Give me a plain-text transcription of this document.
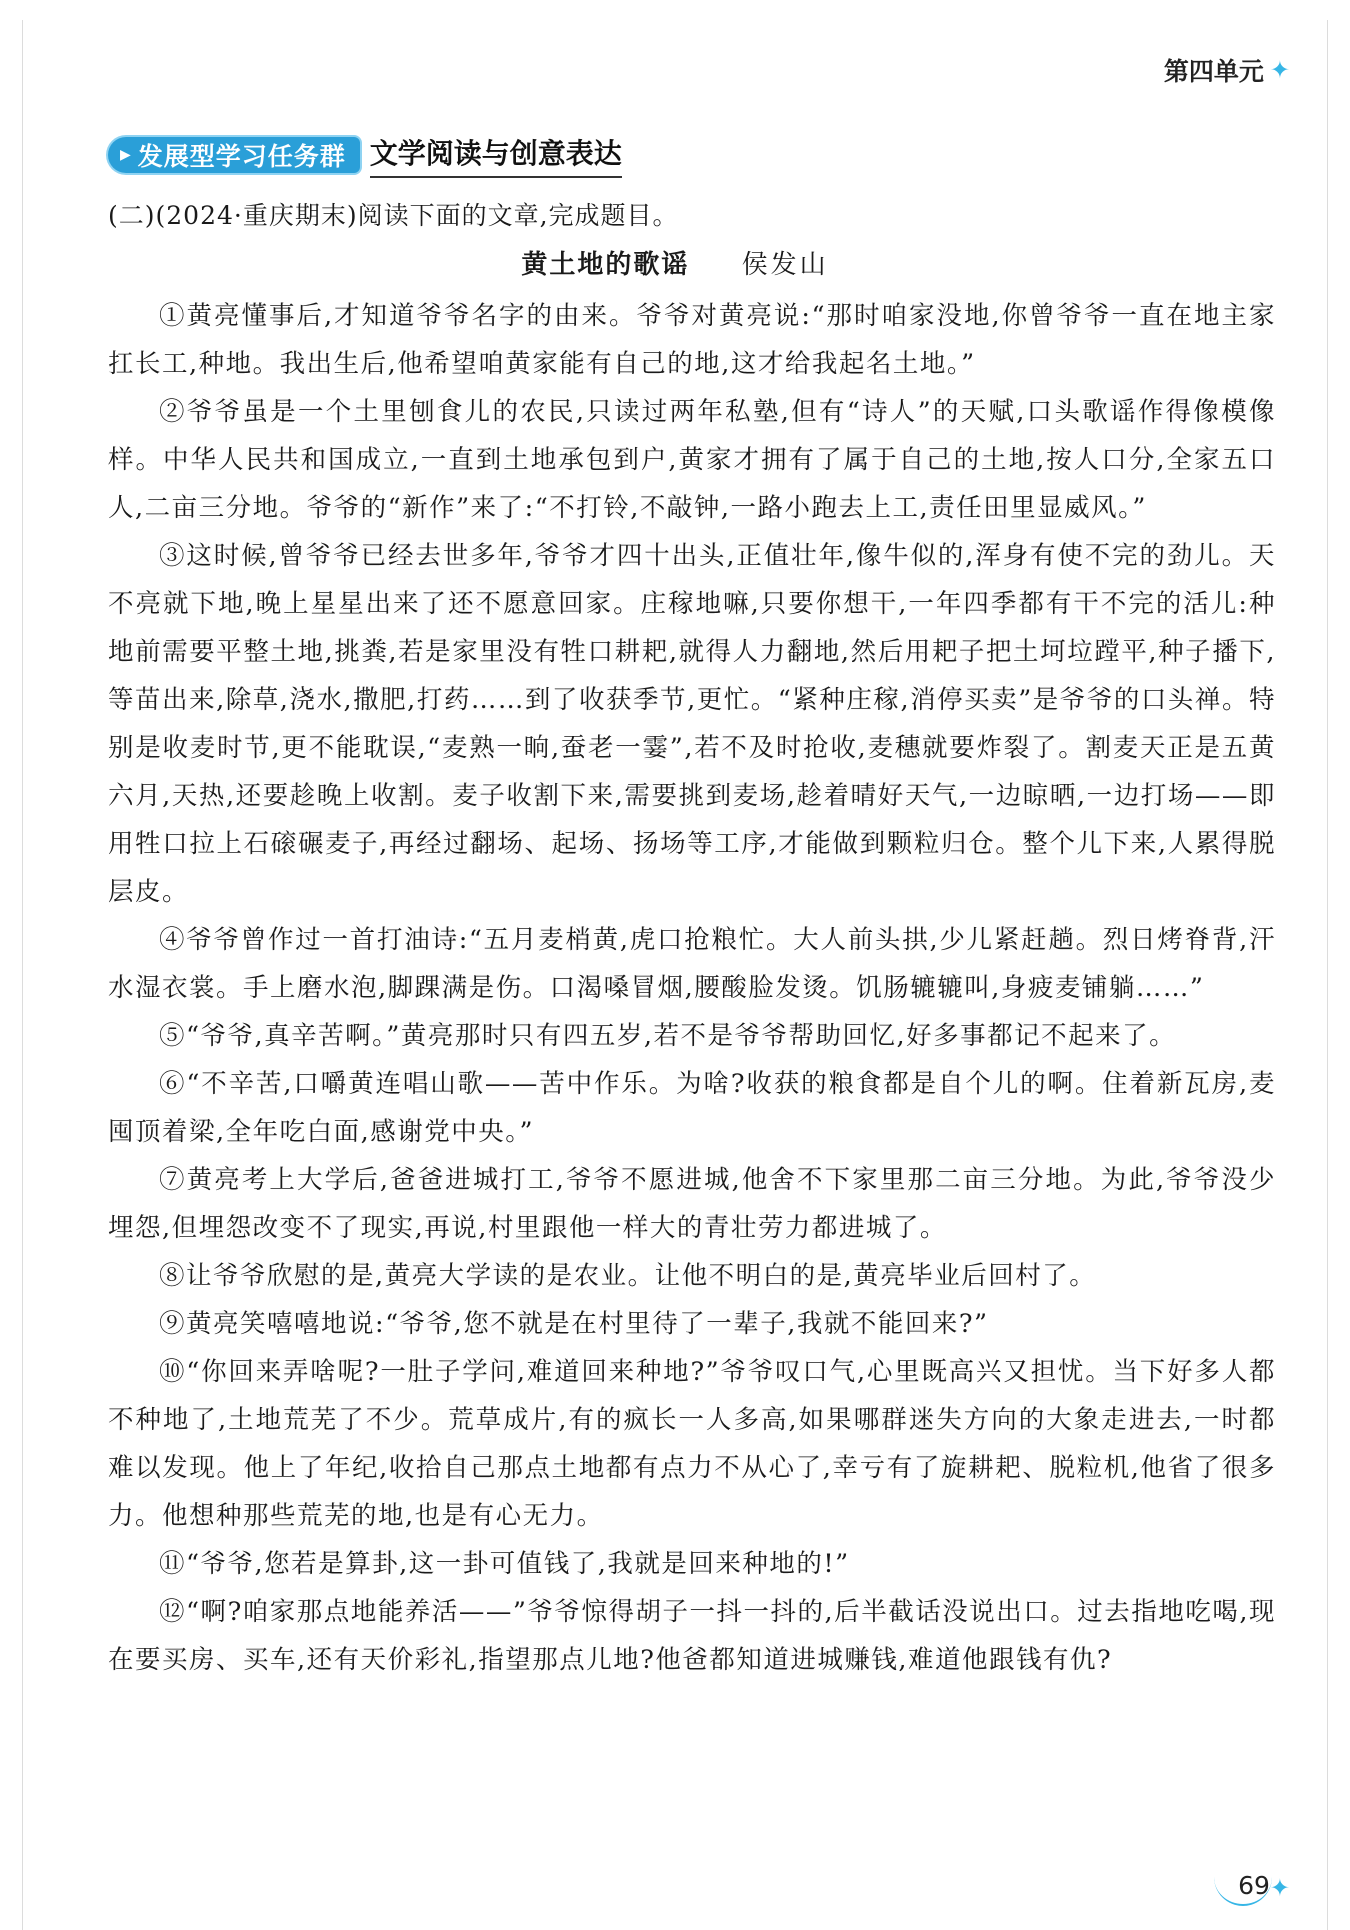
第四单元 ✦
▶ 发展型学习任务群 文学阅读与创意表达
(二)(2024·重庆期末)阅读下面的文章,完成题目。
黄土地的歌谣 侯发山

①黄亮懂事后,才知道爷爷名字的由来。爷爷对黄亮说:“那时咱家没地,你曾爷爷一直在地主家扛长工,种地。我出生后,他希望咱黄家能有自己的地,这才给我起名土地。”

②爷爷虽是一个土里刨食儿的农民,只读过两年私塾,但有“诗人”的天赋,口头歌谣作得像模像样。中华人民共和国成立,一直到土地承包到户,黄家才拥有了属于自己的土地,按人口分,全家五口人,二亩三分地。爷爷的“新作”来了:“不打铃,不敲钟,一路小跑去上工,责任田里显威风。”

③这时候,曾爷爷已经去世多年,爷爷才四十出头,正值壮年,像牛似的,浑身有使不完的劲儿。天不亮就下地,晚上星星出来了还不愿意回家。庄稼地嘛,只要你想干,一年四季都有干不完的活儿:种地前需要平整土地,挑粪,若是家里没有牲口耕耙,就得人力翻地,然后用耙子把土坷垃蹚平,种子播下,等苗出来,除草,浇水,撒肥,打药……到了收获季节,更忙。“紧种庄稼,消停买卖”是爷爷的口头禅。特别是收麦时节,更不能耽误,“麦熟一晌,蚕老一霎”,若不及时抢收,麦穗就要炸裂了。割麦天正是五黄六月,天热,还要趁晚上收割。麦子收割下来,需要挑到麦场,趁着晴好天气,一边晾晒,一边打场——即用牲口拉上石磙碾麦子,再经过翻场、起场、扬场等工序,才能做到颗粒归仓。整个儿下来,人累得脱层皮。

④爷爷曾作过一首打油诗:“五月麦梢黄,虎口抢粮忙。大人前头拱,少儿紧赶趟。烈日烤脊背,汗水湿衣裳。手上磨水泡,脚踝满是伤。口渴嗓冒烟,腰酸脸发烫。饥肠辘辘叫,身疲麦铺躺……”

⑤“爷爷,真辛苦啊。”黄亮那时只有四五岁,若不是爷爷帮助回忆,好多事都记不起来了。

⑥“不辛苦,口嚼黄连唱山歌——苦中作乐。为啥?收获的粮食都是自个儿的啊。住着新瓦房,麦囤顶着梁,全年吃白面,感谢党中央。”

⑦黄亮考上大学后,爸爸进城打工,爷爷不愿进城,他舍不下家里那二亩三分地。为此,爷爷没少埋怨,但埋怨改变不了现实,再说,村里跟他一样大的青壮劳力都进城了。

⑧让爷爷欣慰的是,黄亮大学读的是农业。让他不明白的是,黄亮毕业后回村了。

⑨黄亮笑嘻嘻地说:“爷爷,您不就是在村里待了一辈子,我就不能回来?”

⑩“你回来弄啥呢?一肚子学问,难道回来种地?”爷爷叹口气,心里既高兴又担忧。当下好多人都不种地了,土地荒芜了不少。荒草成片,有的疯长一人多高,如果哪群迷失方向的大象走进去,一时都难以发现。他上了年纪,收拾自己那点土地都有点力不从心了,幸亏有了旋耕耙、脱粒机,他省了很多力。他想种那些荒芜的地,也是有心无力。

⑪“爷爷,您若是算卦,这一卦可值钱了,我就是回来种地的!”

⑫“啊?咱家那点地能养活——”爷爷惊得胡子一抖一抖的,后半截话没说出口。过去指地吃喝,现在要买房、买车,还有天价彩礼,指望那点儿地?他爸都知道进城赚钱,难道他跟钱有仇?

69 ✦
